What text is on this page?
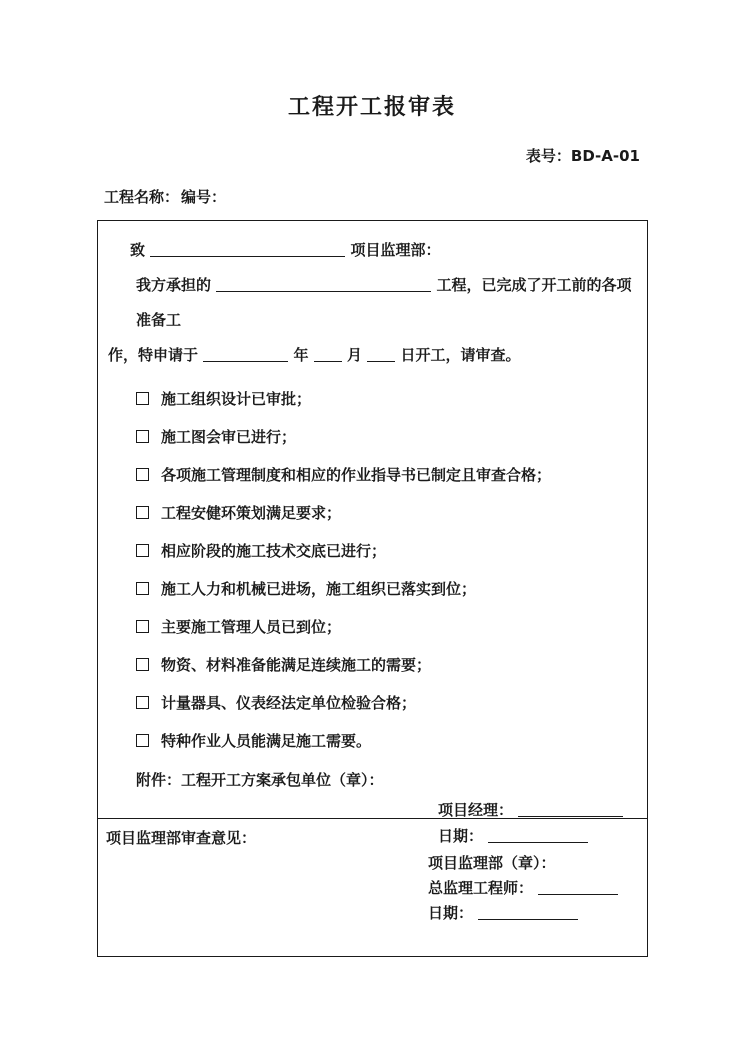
工程开工报审表
表号：BD-A-01
工程名称： 编号：
致	项目监理部：
我方承担的	工程，已完成了开工前的各项准备工
作，特申请于	年	月	日开工，请审查。
施工组织设计已审批；
施工图会审已进行；
各项施工管理制度和相应的作业指导书已制定且审查合格；
工程安健环策划满足要求；
相应阶段的施工技术交底已进行；
施工人力和机械已进场，施工组织已落实到位；
主要施工管理人员已到位；
物资、材料准备能满足连续施工的需要；
计量器具、仪表经法定单位检验合格；
特种作业人员能满足施工需要。
附件：工程开工方案承包单位（章）：
项目经理：
日期：
项目监理部审查意见：
项目监理部（章）：
总监理工程师：
日期：
